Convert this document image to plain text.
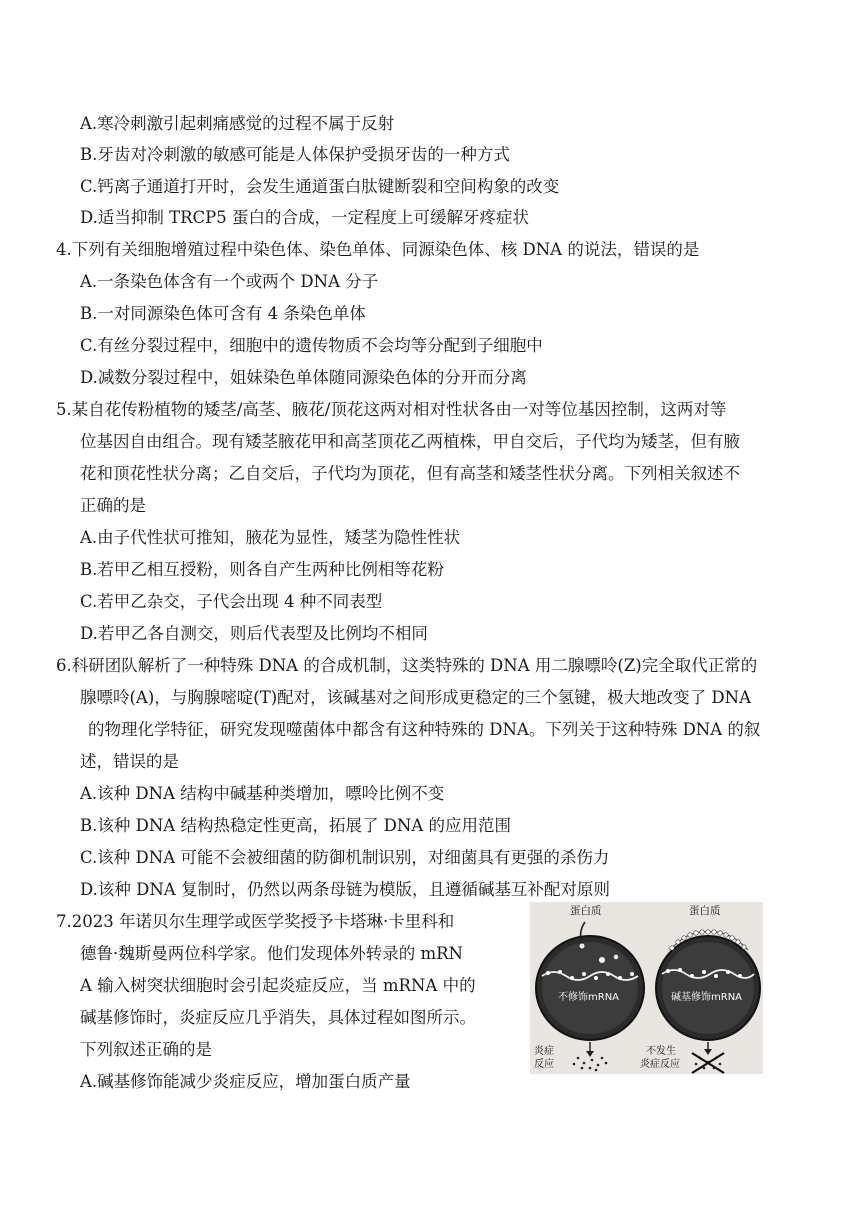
A.寒冷刺激引起刺痛感觉的过程不属于反射
B.牙齿对冷刺激的敏感可能是人体保护受损牙齿的一种方式
C.钙离子通道打开时，会发生通道蛋白肽键断裂和空间构象的改变
D.适当抑制 TRCP5 蛋白的合成，一定程度上可缓解牙疼症状
4.下列有关细胞增殖过程中染色体、染色单体、同源染色体、核 DNA 的说法，错误的是
A.一条染色体含有一个或两个 DNA 分子
B.一对同源染色体可含有 4 条染色单体
C.有丝分裂过程中，细胞中的遗传物质不会均等分配到子细胞中
D.减数分裂过程中，姐妹染色单体随同源染色体的分开而分离
5.某自花传粉植物的矮茎/高茎、腋花/顶花这两对相对性状各由一对等位基因控制，这两对等
位基因自由组合。现有矮茎腋花甲和高茎顶花乙两植株，甲自交后，子代均为矮茎，但有腋
花和顶花性状分离；乙自交后，子代均为顶花，但有高茎和矮茎性状分离。下列相关叙述不
正确的是
A.由子代性状可推知，腋花为显性，矮茎为隐性性状
B.若甲乙相互授粉，则各自产生两种比例相等花粉
C.若甲乙杂交，子代会出现 4 种不同表型
D.若甲乙各自测交，则后代表型及比例均不相同
6.科研团队解析了一种特殊 DNA 的合成机制，这类特殊的 DNA 用二腺嘌呤(Z)完全取代正常的
腺嘌呤(A)，与胸腺嘧啶(T)配对，该碱基对之间形成更稳定的三个氢键，极大地改变了 DNA
的物理化学特征，研究发现噬菌体中都含有这种特殊的 DNA。下列关于这种特殊 DNA 的叙
述，错误的是
A.该种 DNA 结构中碱基种类增加，嘌呤比例不变
B.该种 DNA 结构热稳定性更高，拓展了 DNA 的应用范围
C.该种 DNA 可能不会被细菌的防御机制识别，对细菌具有更强的杀伤力
D.该种 DNA 复制时，仍然以两条母链为模版，且遵循碱基互补配对原则
7.2023 年诺贝尔生理学或医学奖授予卡塔琳·卡里科和
德鲁·魏斯曼两位科学家。他们发现体外转录的 mRN
A 输入树突状细胞时会引起炎症反应，当 mRNA 中的
碱基修饰时，炎症反应几乎消失，具体过程如图所示。
下列叙述正确的是
A.碱基修饰能减少炎症反应，增加蛋白质产量
蛋白质	蛋白质
不修饰mRNA	碱基修饰mRNA
炎症
反应
不发生
炎症反应
